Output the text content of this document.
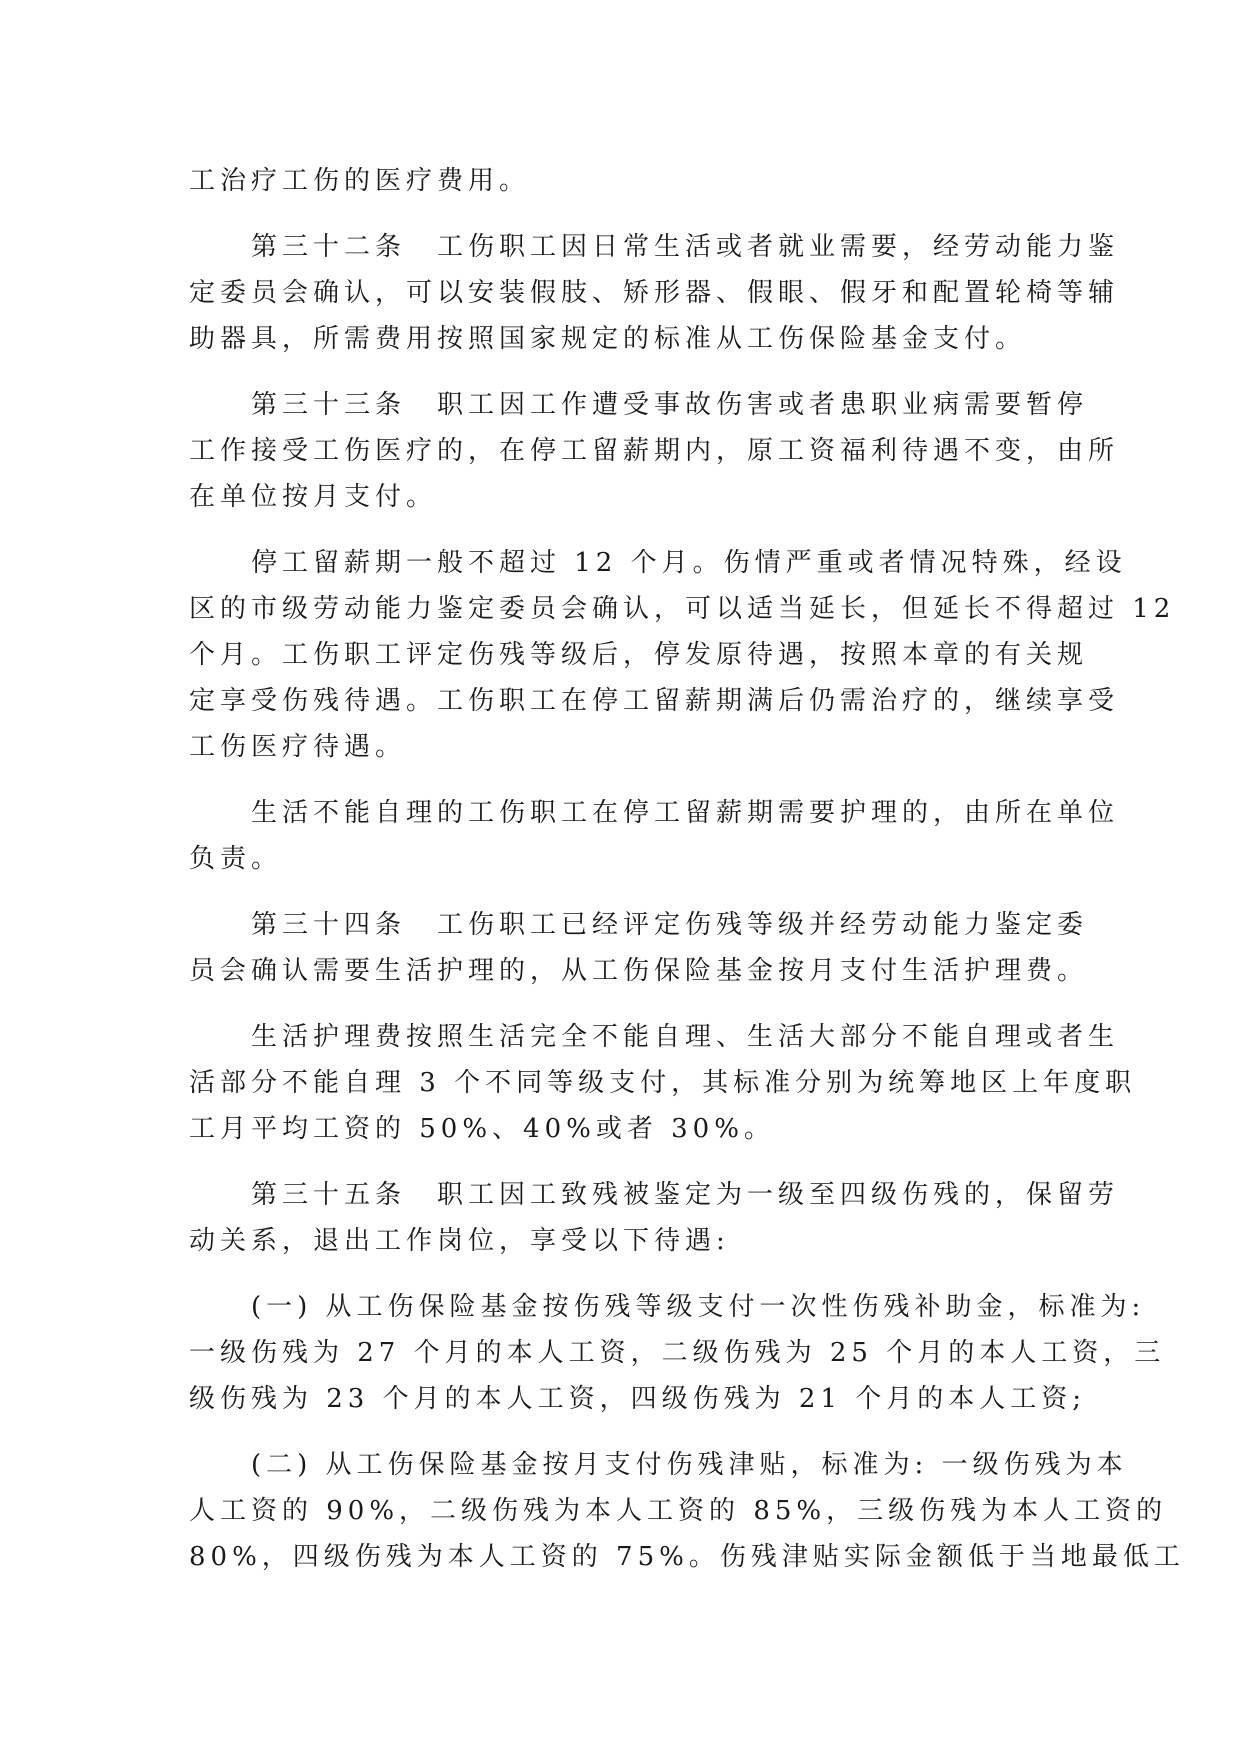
工治疗工伤的医疗费用。
第三十二条　工伤职工因日常生活或者就业需要，经劳动能力鉴
定委员会确认，可以安装假肢、矫形器、假眼、假牙和配置轮椅等辅
助器具，所需费用按照国家规定的标准从工伤保险基金支付。
第三十三条　职工因工作遭受事故伤害或者患职业病需要暂停
工作接受工伤医疗的，在停工留薪期内，原工资福利待遇不变，由所
在单位按月支付。
停工留薪期一般不超过 12 个月。伤情严重或者情况特殊，经设
区的市级劳动能力鉴定委员会确认，可以适当延长，但延长不得超过 12
个月。工伤职工评定伤残等级后，停发原待遇，按照本章的有关规
定享受伤残待遇。工伤职工在停工留薪期满后仍需治疗的，继续享受
工伤医疗待遇。
生活不能自理的工伤职工在停工留薪期需要护理的，由所在单位
负责。
第三十四条　工伤职工已经评定伤残等级并经劳动能力鉴定委
员会确认需要生活护理的，从工伤保险基金按月支付生活护理费。
生活护理费按照生活完全不能自理、生活大部分不能自理或者生
活部分不能自理 3 个不同等级支付，其标准分别为统筹地区上年度职
工月平均工资的 50%、40%或者 30%。
第三十五条　职工因工致残被鉴定为一级至四级伤残的，保留劳
动关系，退出工作岗位，享受以下待遇:
(一) 从工伤保险基金按伤残等级支付一次性伤残补助金，标准为:
一级伤残为 27 个月的本人工资，二级伤残为 25 个月的本人工资，三
级伤残为 23 个月的本人工资，四级伤残为 21 个月的本人工资;
(二) 从工伤保险基金按月支付伤残津贴，标准为: 一级伤残为本
人工资的 90%，二级伤残为本人工资的 85%，三级伤残为本人工资的
80%，四级伤残为本人工资的 75%。伤残津贴实际金额低于当地最低工
